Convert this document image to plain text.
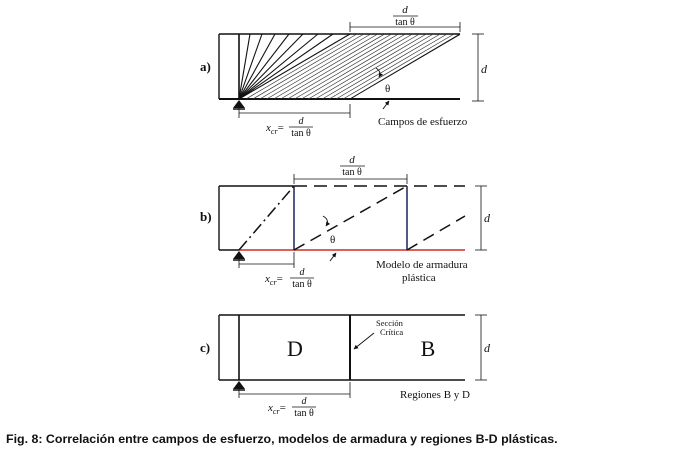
a)
d
tan θ
d
θ
$x_{cr}=$
d
tan θ
Campos de esfuerzo
b)
d
tan θ
d
θ
$x_{cr}=$
d
tan θ
Modelo de armadura
plástica
c)	D	B
Sección
Crítica
d
$x_{cr}=$
d
tan θ
Regiones B y D
Fig. 8: Correlación entre campos de esfuerzo, modelos de armadura y regiones B-D plásticas.
